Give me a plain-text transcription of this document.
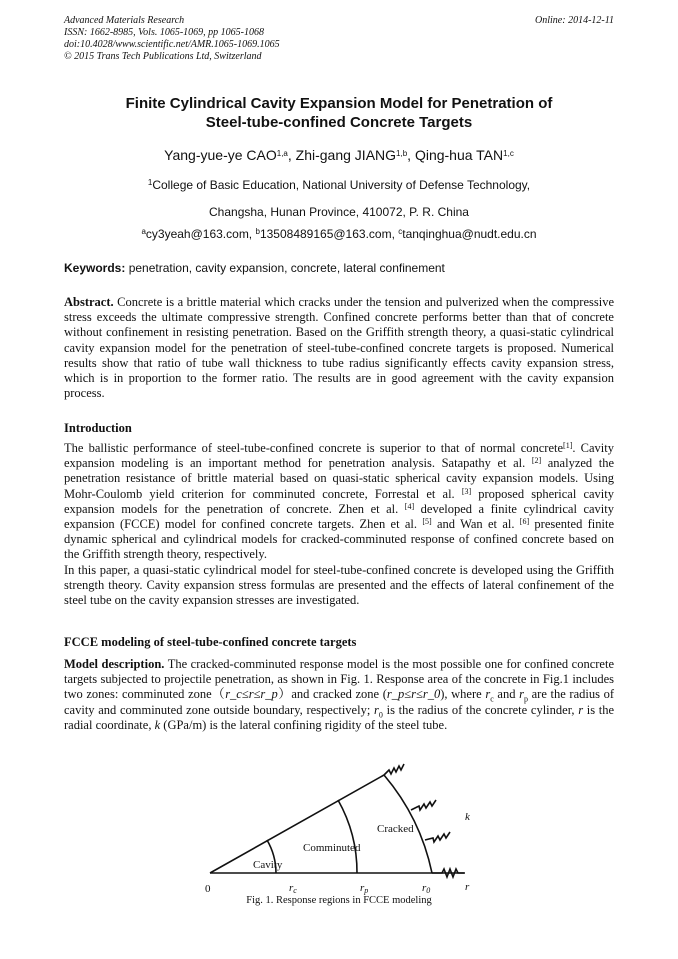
Advanced Materials Research
ISSN: 1662-8985, Vols. 1065-1069, pp 1065-1068
doi:10.4028/www.scientific.net/AMR.1065-1069.1065
© 2015 Trans Tech Publications Ltd, Switzerland
Online: 2014-12-11
Finite Cylindrical Cavity Expansion Model for Penetration of
Steel-tube-confined Concrete Targets
Yang-yue-ye CAO$^{1,a}$, Zhi-gang JIANG$^{1,b}$, Qing-hua TAN$^{1,c}$
$^1$College of Basic Education, National University of Defense Technology,
Changsha, Hunan Province, 410072, P. R. China
$^a$cy3yeah@163.com, $^b$13508489165@163.com, $^c$tanqinghua@nudt.edu.cn
Keywords: penetration, cavity expansion, concrete, lateral confinement

Abstract. Concrete is a brittle material which cracks under the tension and pulverized when the compressive stress exceeds the ultimate compressive strength. Confined concrete performs better than that of concrete without confinement in resisting penetration. Based on the Griffith strength theory, a quasi-static cylindrical cavity expansion model for the penetration of steel-tube-confined concrete targets is proposed. Numerical results show that ratio of tube wall thickness to tube radius significantly effects cavity expansion stress, which is in proportion to the former ratio. The results are in good agreement with the cavity expansion process.

Introduction

The ballistic performance of steel-tube-confined concrete is superior to that of normal concrete[1]. Cavity expansion modeling is an important method for penetration analysis. Satapathy et al. [2] analyzed the penetration resistance of brittle material based on quasi-static spherical cavity expansion models. Using Mohr-Coulomb yield criterion for comminuted concrete, Forrestal et al. [3] proposed spherical cavity expansion models for the penetration of concrete. Zhen et al. [4] developed a finite cylindrical cavity expansion (FCCE) model for confined concrete targets. Zhen et al. [5] and Wan et al. [6] presented finite dynamic spherical and cylindrical models for cracked-comminuted response of confined concrete based on the Griffith strength theory, respectively.

In this paper, a quasi-static cylindrical model for steel-tube-confined concrete is developed using the Griffith strength theory. Cavity expansion stress formulas are presented and the effects of lateral confinement of the steel tube on the cavity expansion stresses are investigated.

FCCE modeling of steel-tube-confined concrete targets

Model description. The cracked-comminuted response model is the most possible one for confined concrete targets subjected to projectile penetration, as shown in Fig. 1. Response area of the concrete in Fig.1 includes two zones: comminuted zone（r_c≤r≤r_p）and cracked zone (r_p≤r≤r_0), where $r_c$ and $r_p$ are the radius of cavity and comminuted zone outside boundary, respectively; $r_0$ is the radius of the concrete cylinder, r is the radial coordinate, k (GPa/m) is the lateral confining rigidity of the steel tube.

Cavity
Comminuted
Cracked
k
0	r
rc	rp	r0
Fig. 1. Response regions in FCCE modeling
